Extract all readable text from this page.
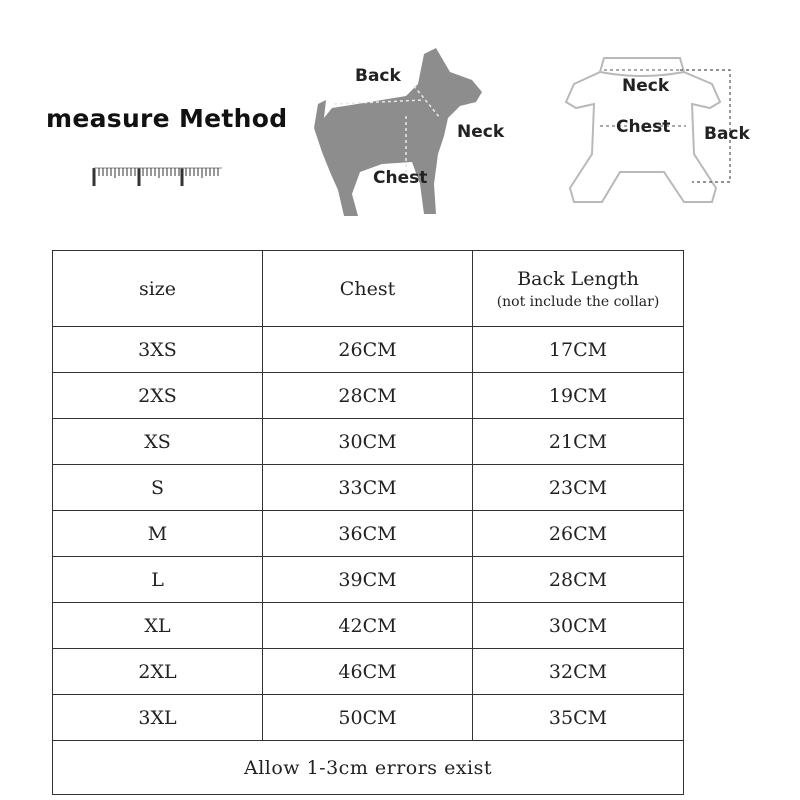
measure Method
Back
Neck
Chest
Neck
Chest Back
size	Chest	Back Length
(not include the collar)

3XS	26CM	17CM
2XS	28CM	19CM
XS	30CM	21CM
S	33CM	23CM
M	36CM	26CM
L	39CM	28CM
XL	42CM	30CM
2XL	46CM	32CM
3XL	50CM	35CM
Allow 1-3cm errors exist		
